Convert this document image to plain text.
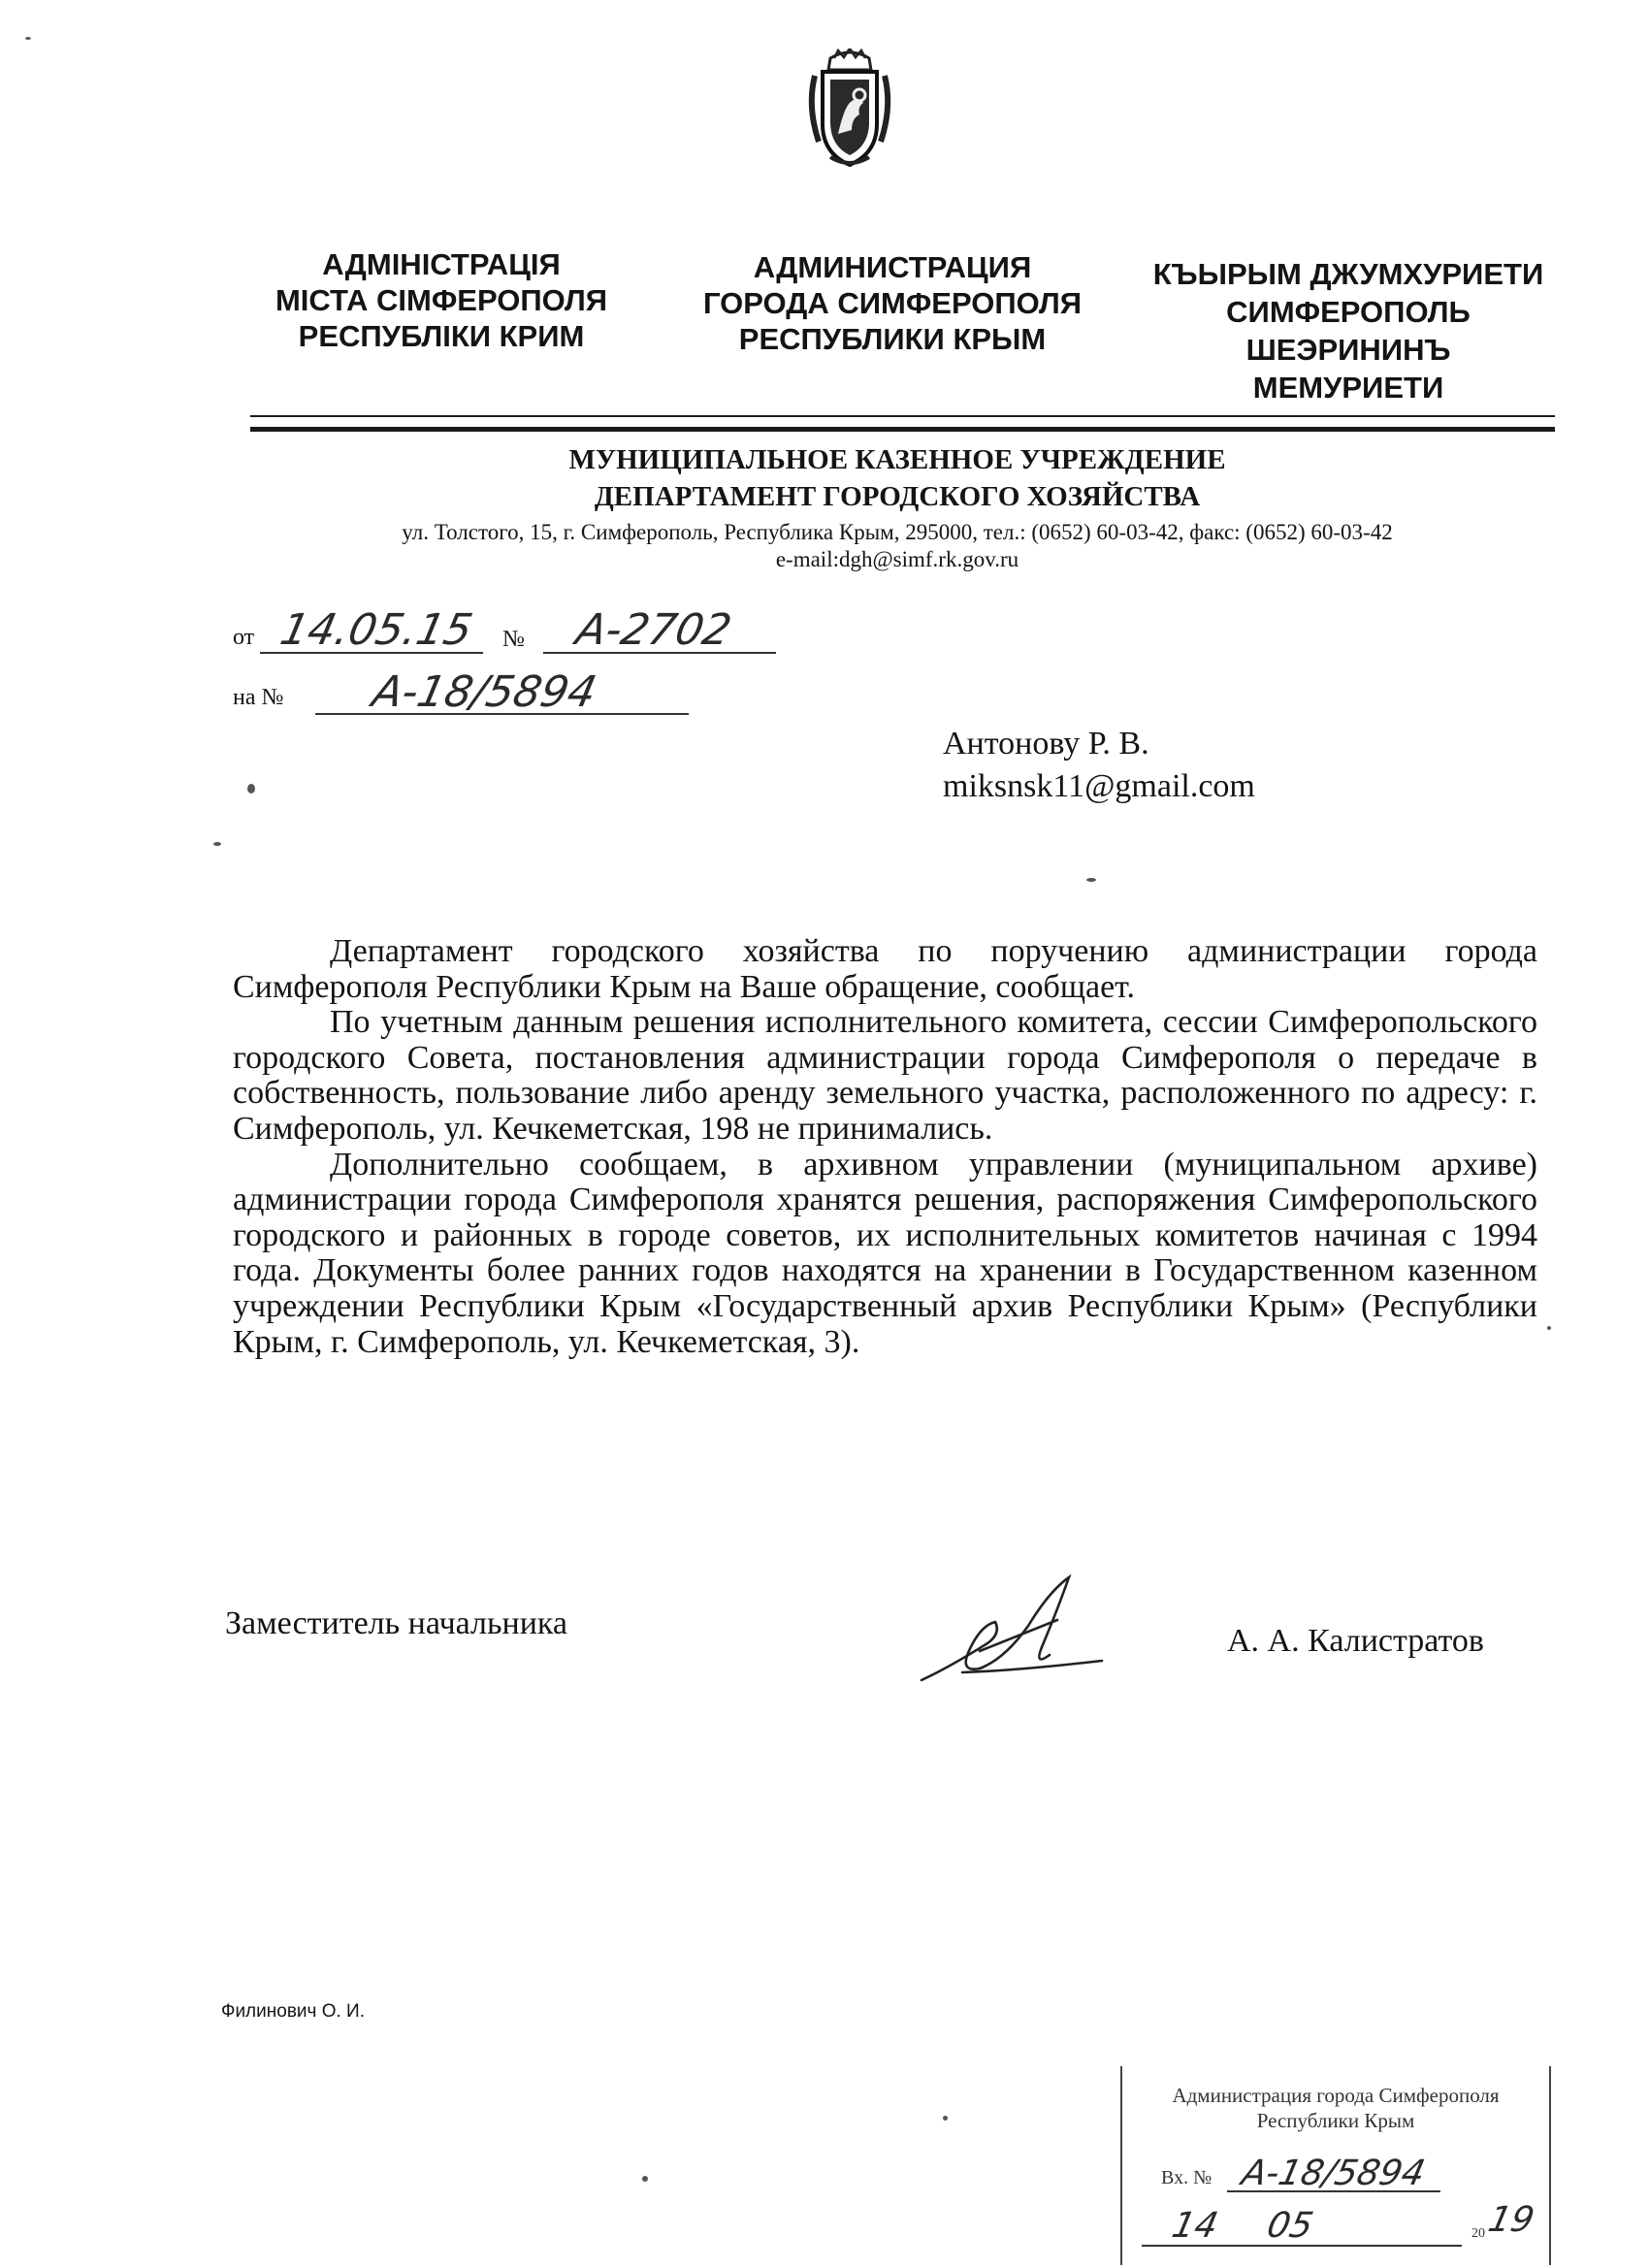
АДМІНІСТРАЦІЯ
МІСТА СІМФЕРОПОЛЯ
РЕСПУБЛІКИ КРИМ
АДМИНИСТРАЦИЯ
ГОРОДА СИМФЕРОПОЛЯ
РЕСПУБЛИКИ КРЫМ
КЪЫРЫМ ДЖУМХУРИЕТИ
СИМФЕРОПОЛЬ
ШЕЭРИНИНЪ
МЕМУРИЕТИ
МУНИЦИПАЛЬНОЕ КАЗЕННОЕ УЧРЕЖДЕНИЕ
ДЕПАРТАМЕНТ ГОРОДСКОГО ХОЗЯЙСТВА
ул. Толстого, 15, г. Симферополь, Республика Крым, 295000, тел.: (0652) 60-03-42, факс: (0652) 60-03-42
e-mail:dgh@simf.rk.gov.ru
от 14.05.15 № А-2702
на № А-18/5894
Антонову Р. В.
miksnsk11@gmail.com

Департамент городского хозяйства по поручению администрации города Симферополя Республики Крым на Ваше обращение, сообщает.

По учетным данным решения исполнительного комитета, сессии Симферопольского городского Совета, постановления администрации города Симферополя о передаче в собственность, пользование либо аренду земельного участка, расположенного по адресу: г. Симферополь, ул. Кечкеметская, 198 не принимались.

Дополнительно сообщаем, в архивном управлении (муниципальном архиве) администрации города Симферополя хранятся решения, распоряжения Симферопольского городского и районных в городе советов, их исполнительных комитетов начиная с 1994 года. Документы более ранних годов находятся на хранении в Государственном казенном учреждении Республики Крым «Государственный архив Республики Крым» (Республики Крым, г. Симферополь, ул. Кечкеметская, 3).

Заместитель начальника	А. А. Калистратов
Филинович О. И.
Администрация города Симферополя
Республики Крым
Вх. № А-18/5894
14 05	20 19
